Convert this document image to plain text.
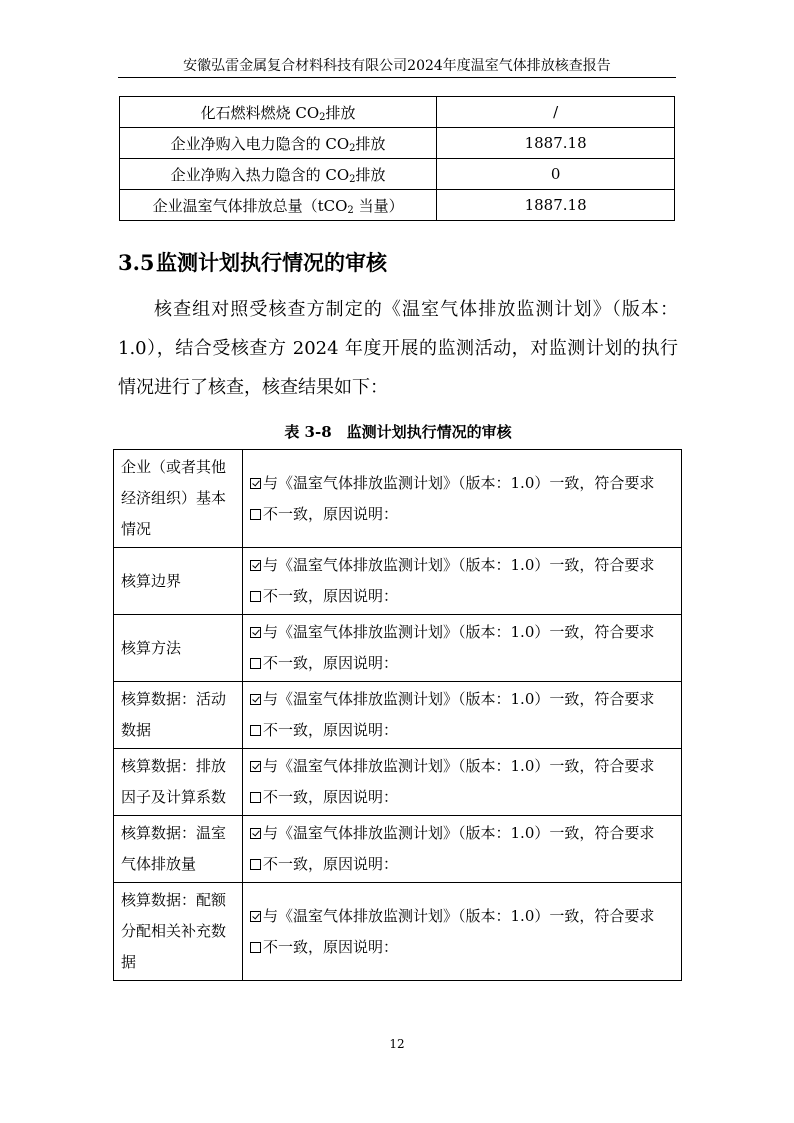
安徽弘雷金属复合材料科技有限公司2024年度温室气体排放核查报告
化石燃料燃烧 $CO_2$排放	/
企业净购入电力隐含的 $CO_2$排放	1887.18
企业净购入热力隐含的 $CO_2$排放	0
企业温室气体排放总量（tCO$_2$ 当量）	1887.18
3.5监测计划执行情况的审核
核查组对照受核查方制定的《温室气体排放监测计划》（版本：1.0），结合受核查方 2024 年度开展的监测活动，对监测计划的执行情况进行了核查，核查结果如下：
表 3-8　监测计划执行情况的审核
企业（或者其他经济组织）基本情况	与《温室气体排放监测计划》（版本：1.0）一致，符合要求
不一致，原因说明：

核算边界	与《温室气体排放监测计划》（版本：1.0）一致，符合要求
不一致，原因说明：

核算方法	与《温室气体排放监测计划》（版本：1.0）一致，符合要求
不一致，原因说明：

核算数据：活动数据	与《温室气体排放监测计划》（版本：1.0）一致，符合要求
不一致，原因说明：

核算数据：排放因子及计算系数	与《温室气体排放监测计划》（版本：1.0）一致，符合要求
不一致，原因说明：

核算数据：温室气体排放量	与《温室气体排放监测计划》（版本：1.0）一致，符合要求
不一致，原因说明：

核算数据：配额分配相关补充数据	与《温室气体排放监测计划》（版本：1.0）一致，符合要求
不一致，原因说明：
12
